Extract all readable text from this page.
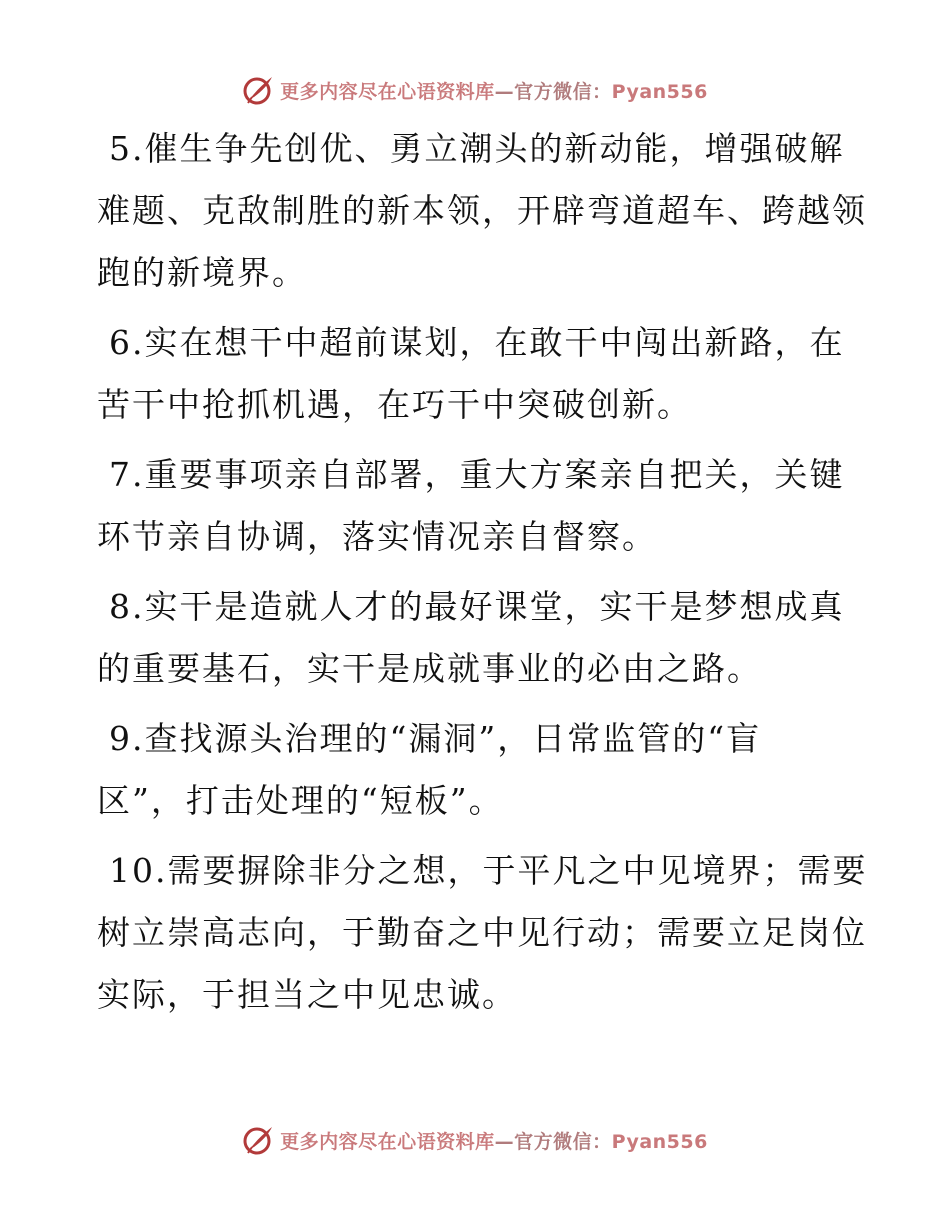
更多内容尽在心语资料库—官方微信：Pyan556
5.催生争先创优、勇立潮头的新动能，增强破解
难题、克敌制胜的新本领，开辟弯道超车、跨越领
跑的新境界。
6.实在想干中超前谋划，在敢干中闯出新路，在
苦干中抢抓机遇，在巧干中突破创新。
7.重要事项亲自部署，重大方案亲自把关，关键
环节亲自协调，落实情况亲自督察。
8.实干是造就人才的最好课堂，实干是梦想成真
的重要基石，实干是成就事业的必由之路。
9.查找源头治理的“漏洞”，日常监管的“盲
区”，打击处理的“短板”。
10.需要摒除非分之想，于平凡之中见境界；需要
树立崇高志向，于勤奋之中见行动；需要立足岗位
实际，于担当之中见忠诚。
更多内容尽在心语资料库—官方微信：Pyan556
